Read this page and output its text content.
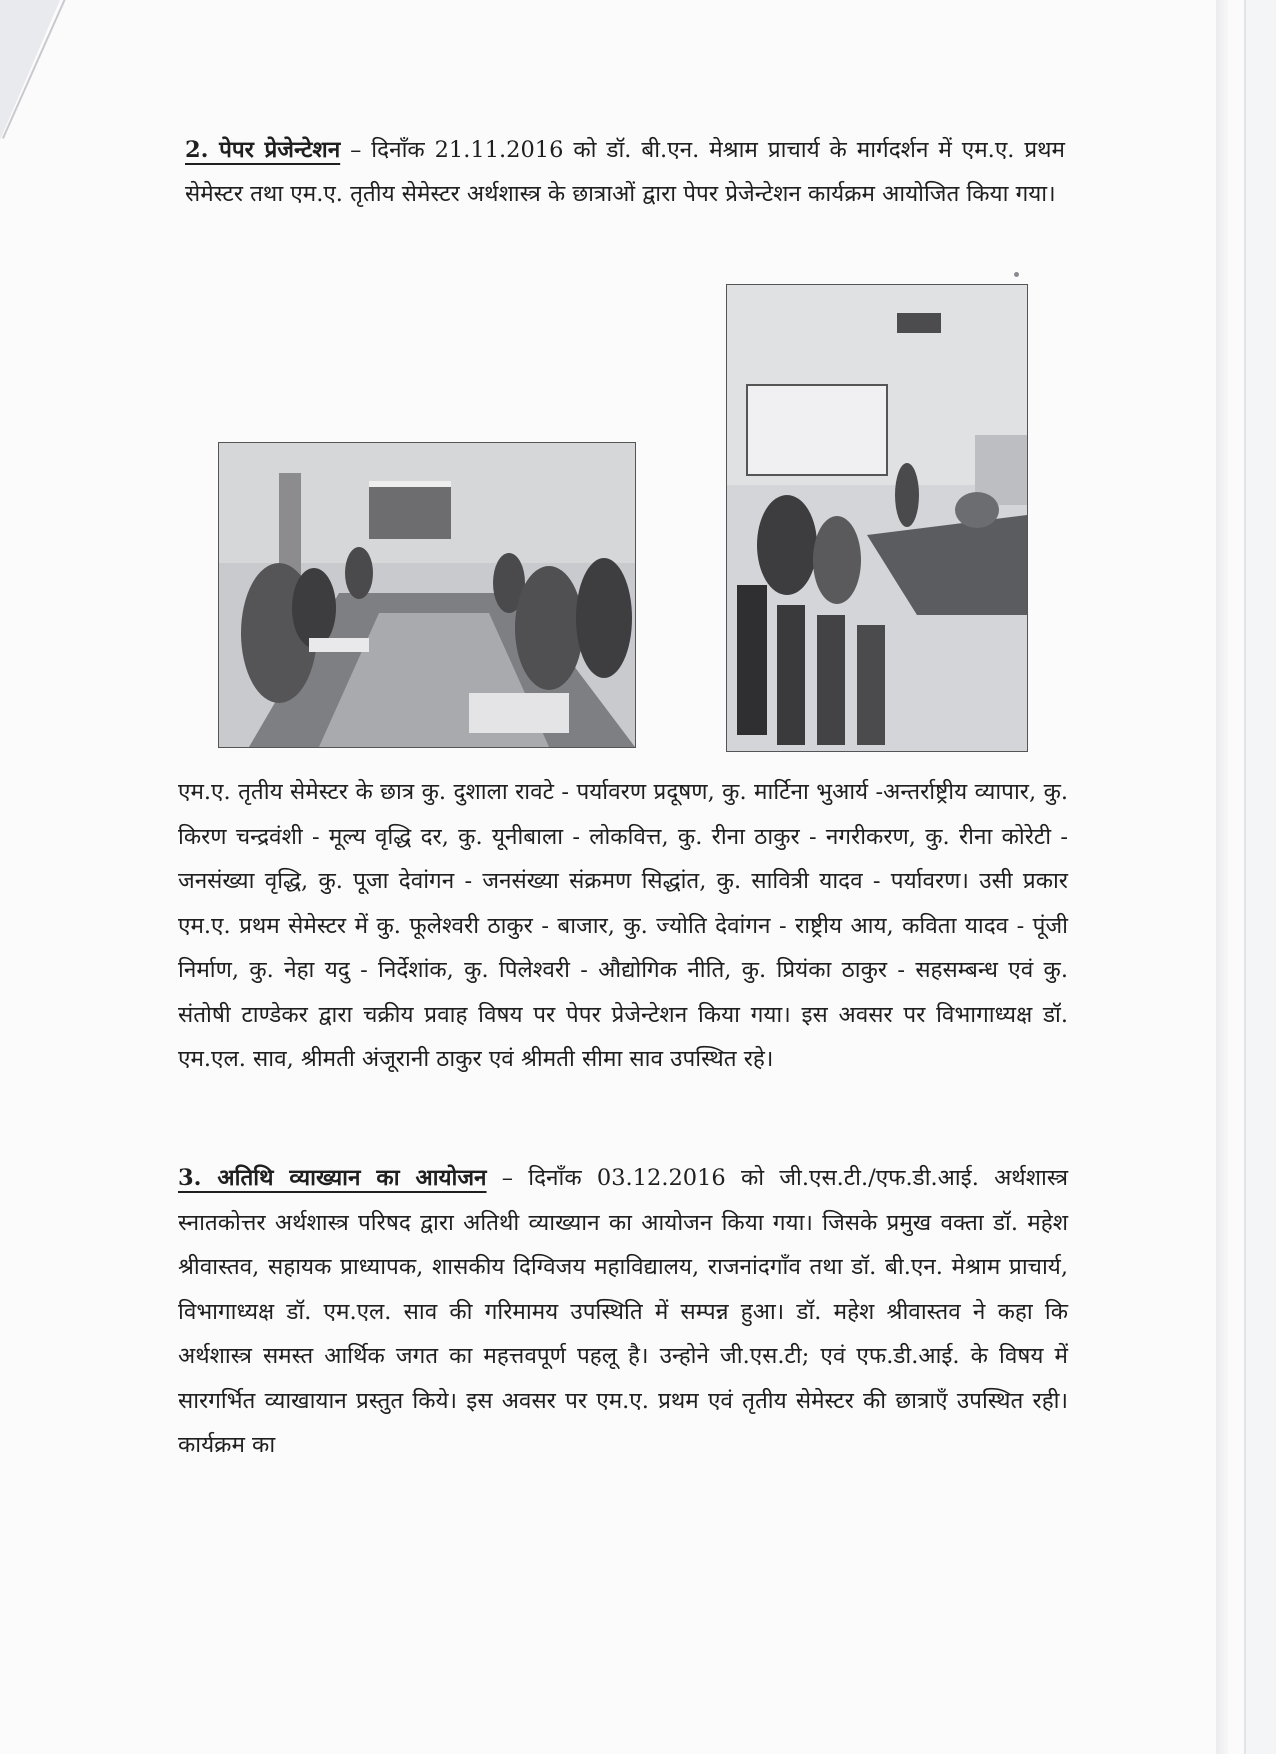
2. पेपर प्रेजेन्टेशन – दिनाँक 21.11.2016 को डॉ. बी.एन. मेश्राम प्राचार्य के मार्गदर्शन में एम.ए. प्रथम सेमेस्टर तथा एम.ए. तृतीय सेमेस्टर अर्थशास्त्र के छात्राओं द्वारा पेपर प्रेजेन्टेशन कार्यक्रम आयोजित किया गया।

एम.ए. तृतीय सेमेस्टर के छात्र कु. दुशाला रावटे - पर्यावरण प्रदूषण, कु. मार्टिना भुआर्य -अन्तर्राष्ट्रीय व्यापार, कु. किरण चन्द्रवंशी - मूल्य वृद्धि दर, कु. यूनीबाला - लोकवित्त, कु. रीना ठाकुर - नगरीकरण, कु. रीना कोरेटी - जनसंख्या वृद्धि, कु. पूजा देवांगन - जनसंख्या संक्रमण सिद्धांत, कु. सावित्री यादव - पर्यावरण। उसी प्रकार एम.ए. प्रथम सेमेस्टर में कु. फूलेश्वरी ठाकुर - बाजार, कु. ज्योति देवांगन - राष्ट्रीय आय, कविता यादव - पूंजी निर्माण, कु. नेहा यदु - निर्देशांक, कु. पिलेश्वरी - औद्योगिक नीति, कु. प्रियंका ठाकुर - सहसम्बन्ध एवं कु. संतोषी टाण्डेकर द्वारा चक्रीय प्रवाह विषय पर पेपर प्रेजेन्टेशन किया गया। इस अवसर पर विभागाध्यक्ष डॉ. एम.एल. साव, श्रीमती अंजूरानी ठाकुर एवं श्रीमती सीमा साव उपस्थित रहे।

3. अतिथि व्याख्यान का आयोजन – दिनाँक 03.12.2016 को जी.एस.टी./एफ.डी.आई. अर्थशास्त्र स्नातकोत्तर अर्थशास्त्र परिषद द्वारा अतिथी व्याख्यान का आयोजन किया गया। जिसके प्रमुख वक्ता डॉ. महेश श्रीवास्तव, सहायक प्राध्यापक, शासकीय दिग्विजय महाविद्यालय, राजनांदगाँव तथा डॉ. बी.एन. मेश्राम प्राचार्य, विभागाध्यक्ष डॉ. एम.एल. साव की गरिमामय उपस्थिति में सम्पन्न हुआ। डॉ. महेश श्रीवास्तव ने कहा कि अर्थशास्त्र समस्त आर्थिक जगत का महत्तवपूर्ण पहलू है। उन्होने जी.एस.टी; एवं एफ.डी.आई. के विषय में सारगर्भित व्याखायान प्रस्तुत किये। इस अवसर पर एम.ए. प्रथम एवं तृतीय सेमेस्टर की छात्राएँ उपस्थित रही। कार्यक्रम का
